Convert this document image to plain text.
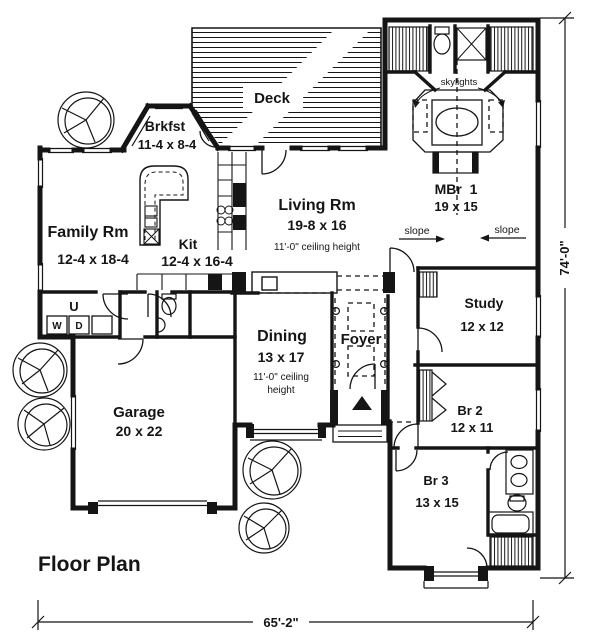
Deck
Brkfst
11-4 x 8-4
Family Rm
12-4 x 18-4
Kit
12-4 x 16-4
Living Rm
19-8 x 16
11'-0" ceiling height
MBr  1
19 x 15
skylights
slope	slope
Study
12 x 12
Dining
13 x 17
11'-0" ceiling
height
Foyer
Br 2
12 x 11
Br 3
13 x 15
Garage
20 x 22
U
W D
65'-2"
74'-0"
Floor Plan
